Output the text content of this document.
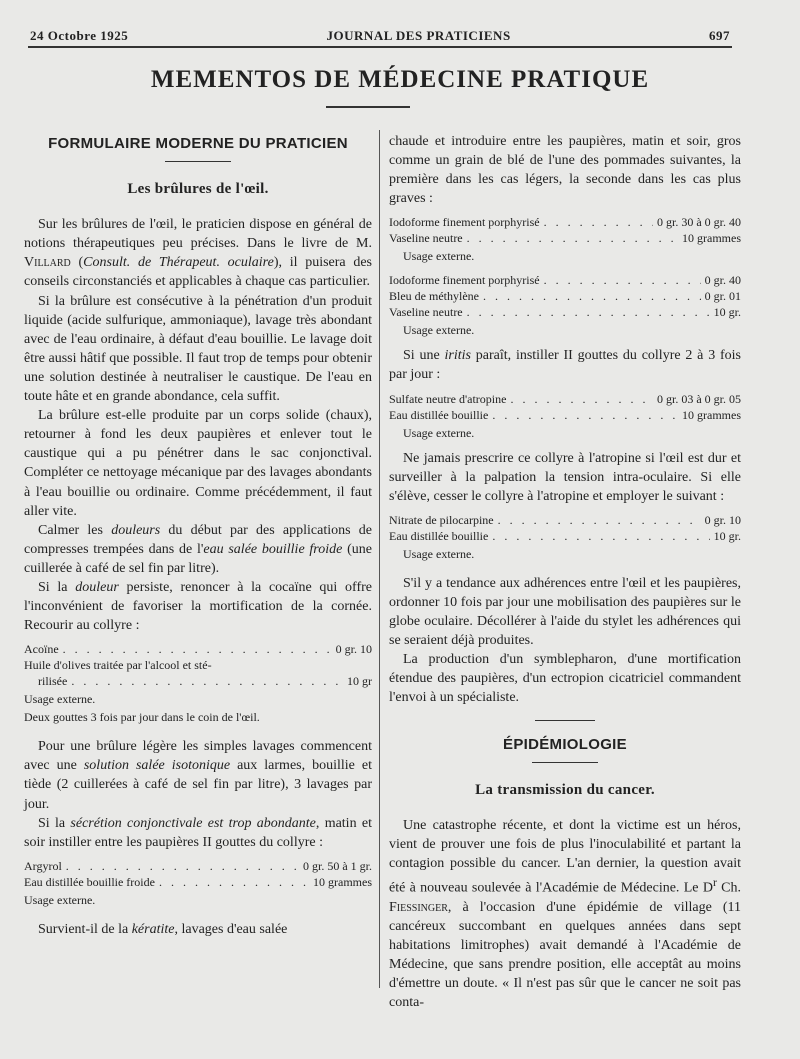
24 Octobre 1925	JOURNAL DES PRATICIENS	697
MEMENTOS DE MÉDECINE PRATIQUE
FORMULAIRE MODERNE DU PRATICIEN
Les brûlures de l'œil.

Sur les brûlures de l'œil, le praticien dispose en général de notions thérapeutiques peu précises. Dans le livre de M. Villard (Consult. de Thérapeut. oculaire), il puisera des conseils circonstanciés et applicables à chaque cas particulier.

Si la brûlure est consécutive à la pénétration d'un produit liquide (acide sulfurique, ammoniaque), lavage très abondant avec de l'eau ordinaire, à défaut d'eau bouillie. Le lavage doit être aussi hâtif que possible. Il faut trop de temps pour obtenir une solution destinée à neutraliser le caustique. De l'eau en toute hâte et en grande abondance, cela suffit.

La brûlure est-elle produite par un corps solide (chaux), retourner à fond les deux paupières et enlever tout le caustique qui a pu pénétrer dans le sac conjonctival. Compléter ce nettoyage mécanique par des lavages abondants à l'eau bouillie ou ordinaire. Comme précédemment, il faut aller vite.

Calmer les douleurs du début par des applications de compresses trempées dans de l'eau salée bouillie froide (une cuillerée à café de sel fin par litre).

Si la douleur persiste, renoncer à la cocaïne qui offre l'inconvénient de favoriser la mortification de la cornée. Recourir au collyre :

Acoïne . . .	0 gr. 10
Huile d'olives traitée par l'alcool et sté-
rilisée . . .	10 gr
Usage externe.
Deux gouttes 3 fois par jour dans le coin de l'œil.

Pour une brûlure légère les simples lavages commencent avec une solution salée isotonique aux larmes, bouillie et tiède (2 cuillerées à café de sel fin par litre), 3 lavages par jour.

Si la sécrétion conjonctivale est trop abondante, matin et soir instiller entre les paupières II gouttes du collyre :

Argyrol . . .	0 gr. 50 à 1 gr.
Eau distillée bouillie froide . . .	10 grammes
Usage externe.

Survient-il de la kératite, lavages d'eau salée

chaude et introduire entre les paupières, matin et soir, gros comme un grain de blé de l'une des pommades suivantes, la première dans les cas légers, la seconde dans les cas plus graves :

Iodoforme finement porphyrisé . . .	0 gr. 30 à 0 gr. 40
Vaseline neutre . . .	10 grammes
Usage externe.
Iodoforme finement porphyrisé . . .	0 gr. 40
Bleu de méthylène . . .	0 gr. 01
Vaseline neutre . . .	10 gr.
Usage externe.

Si une iritis paraît, instiller II gouttes du collyre 2 à 3 fois par jour :

Sulfate neutre d'atropine . . .	0 gr. 03 à 0 gr. 05
Eau distillée bouillie . . .	10 grammes
Usage externe.

Ne jamais prescrire ce collyre à l'atropine si l'œil est dur et surveiller à la palpation la tension intra-oculaire. Si elle s'élève, cesser le collyre à l'atropine et employer le suivant :

Nitrate de pilocarpine . . .	0 gr. 10
Eau distillée bouillie . . .	10 gr.
Usage externe.

S'il y a tendance aux adhérences entre l'œil et les paupières, ordonner 10 fois par jour une mobilisation des paupières sur le globe oculaire. Décollérer à l'aide du stylet les adhérences qui se seraient déjà produites.

La production d'un symblepharon, d'une mortification étendue des paupières, d'un ectropion cicatriciel commandent l'envoi à un spécialiste.

ÉPIDÉMIOLOGIE
La transmission du cancer.

Une catastrophe récente, et dont la victime est un héros, vient de prouver une fois de plus l'inoculabilité et partant la contagion possible du cancer. L'an dernier, la question avait été à nouveau soulevée à l'Académie de Médecine. Le $D^r$ Ch. Fiessinger, à l'occasion d'une épidémie de village (11 cancéreux succombant en quelques années dans sept habitations limitrophes) avait demandé à l'Académie de Médecine, que sans prendre position, elle acceptât au moins d'émettre un doute. « Il n'est pas sûr que le cancer ne soit pas conta-
